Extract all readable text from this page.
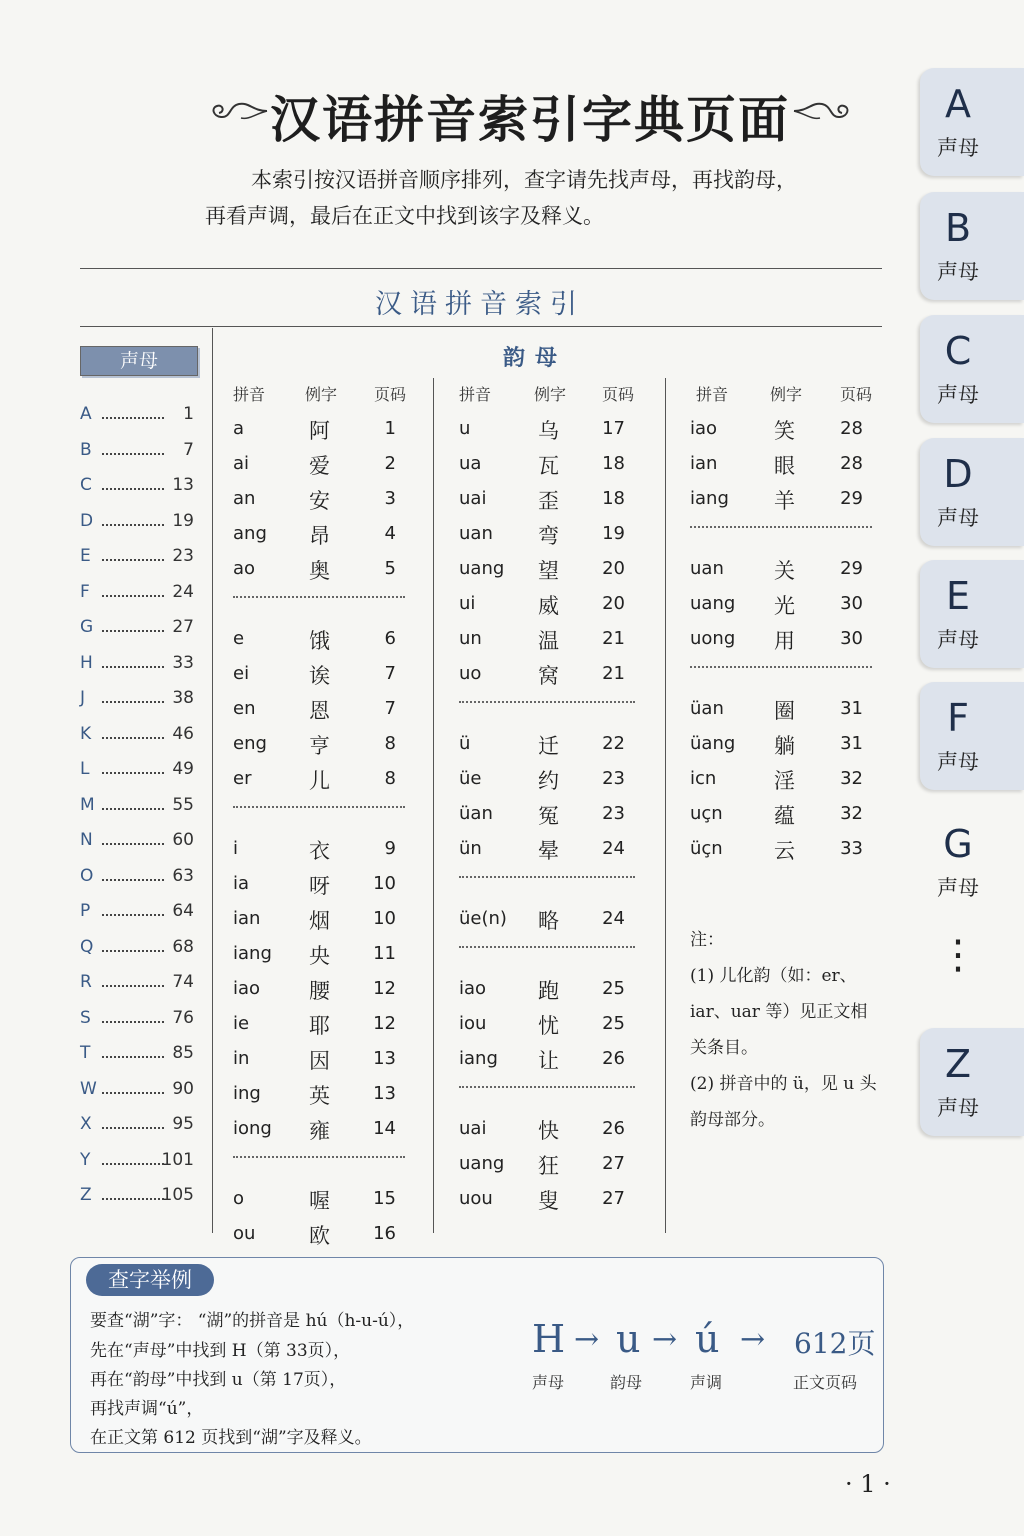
汉语拼音索引字典页面
本索引按汉语拼音顺序排列，查字请先找声母，再找韵母，
再看声调，最后在正文中找到该字及释义。
汉语拼音索引
声母
A	1
B	7
C	13
D	19
E	23
F	24
G	27
H	33
J	38
K	46
L	49
M	55
N	60
O	63
P	64
Q	68
R	74
S	76
T	85
W	90
X	95
Y	101
Z	105
韵母
拼音 例字 页码
a	阿	1
ai	爱	2
an	安	3
ang 昂	4
ao	奥	5
e	饿	6
ei	诶	7
en	恩	7
eng 亨	8
er	儿	8
i	衣	9
ia	呀	10
ian 烟	10
iang 央	11
iao 腰	12
ie	耶	12
in	因	13
ing 英	13
iong 雍	14
o	喔	15
ou	欧	16
拼音	例字 页码
u	乌	17
ua	瓦	18
uai 歪	18
uan 弯	19
uang 望	20
ui	威	20
un	温	21
uo	窝	21
ü	迁	22
üe	约	23
üan 冤	23
ün	晕	24
üe(n) 略	24
iao 跑	25
iou 忧	25
iang 让	26
uai 快	26
uang 狂	27
uou 叟	27
拼音	例字 页码
iao	笑	28
ian	眼	28
iang 羊	29
uan 关	29
uang 光	30
uong 用	30
üan 圈	31
üang 躺	31
icn	淫	32
uçn 蕴	32
üçn 云	33
注：
(1) 儿化韵（如：er、
iar、uar 等）见正文相
关条目。
(2) 拼音中的 ü，见 u 头
韵母部分。
A
声母
B
声母
C
声母
D
声母
E
声母
F
声母
G
声母
Z
声母
⋮
查字举例
要查“湖”字： “湖”的拼音是 hú（h-u-ú），
先在“声母”中找到 H（第 33页），
再在“韵母”中找到 u（第 17页），
再找声调“ú”，
在正文第 612 页找到“湖”字及释义。
H → u → ú → 612页
声母	韵母	声调	正文页码
· 1 ·
